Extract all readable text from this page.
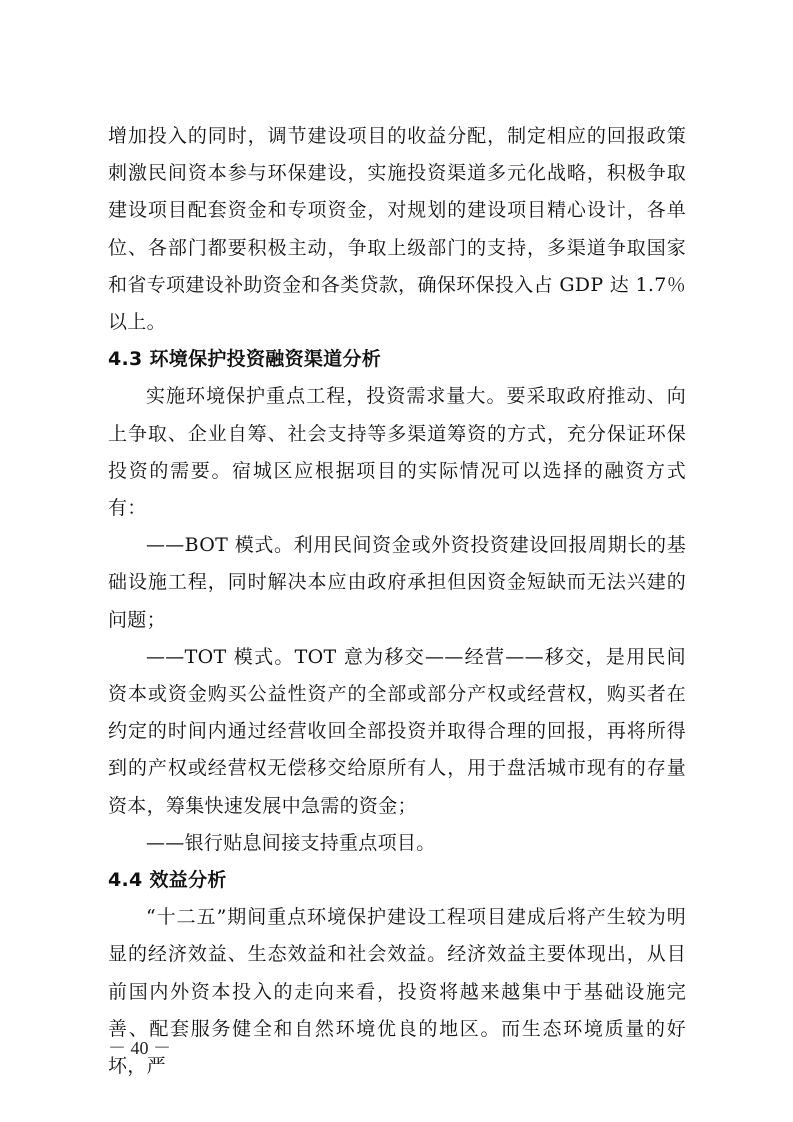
增加投入的同时，调节建设项目的收益分配，制定相应的回报政策刺激民间资本参与环保建设，实施投资渠道多元化战略，积极争取建设项目配套资金和专项资金，对规划的建设项目精心设计，各单位、各部门都要积极主动，争取上级部门的支持，多渠道争取国家和省专项建设补助资金和各类贷款，确保环保投入占 GDP 达 1.7％以上。

4.3 环境保护投资融资渠道分析

实施环境保护重点工程，投资需求量大。要采取政府推动、向上争取、企业自筹、社会支持等多渠道筹资的方式，充分保证环保投资的需要。宿城区应根据项目的实际情况可以选择的融资方式有：

——BOT 模式。利用民间资金或外资投资建设回报周期长的基础设施工程，同时解决本应由政府承担但因资金短缺而无法兴建的问题；

——TOT 模式。TOT 意为移交——经营——移交，是用民间资本或资金购买公益性资产的全部或部分产权或经营权，购买者在约定的时间内通过经营收回全部投资并取得合理的回报，再将所得到的产权或经营权无偿移交给原所有人，用于盘活城市现有的存量资本，筹集快速发展中急需的资金；

——银行贴息间接支持重点项目。

4.4 效益分析

“十二五”期间重点环境保护建设工程项目建成后将产生较为明显的经济效益、生态效益和社会效益。经济效益主要体现出，从目前国内外资本投入的走向来看，投资将越来越集中于基础设施完善、配套服务健全和自然环境优良的地区。而生态环境质量的好坏，严

－ 40 －
